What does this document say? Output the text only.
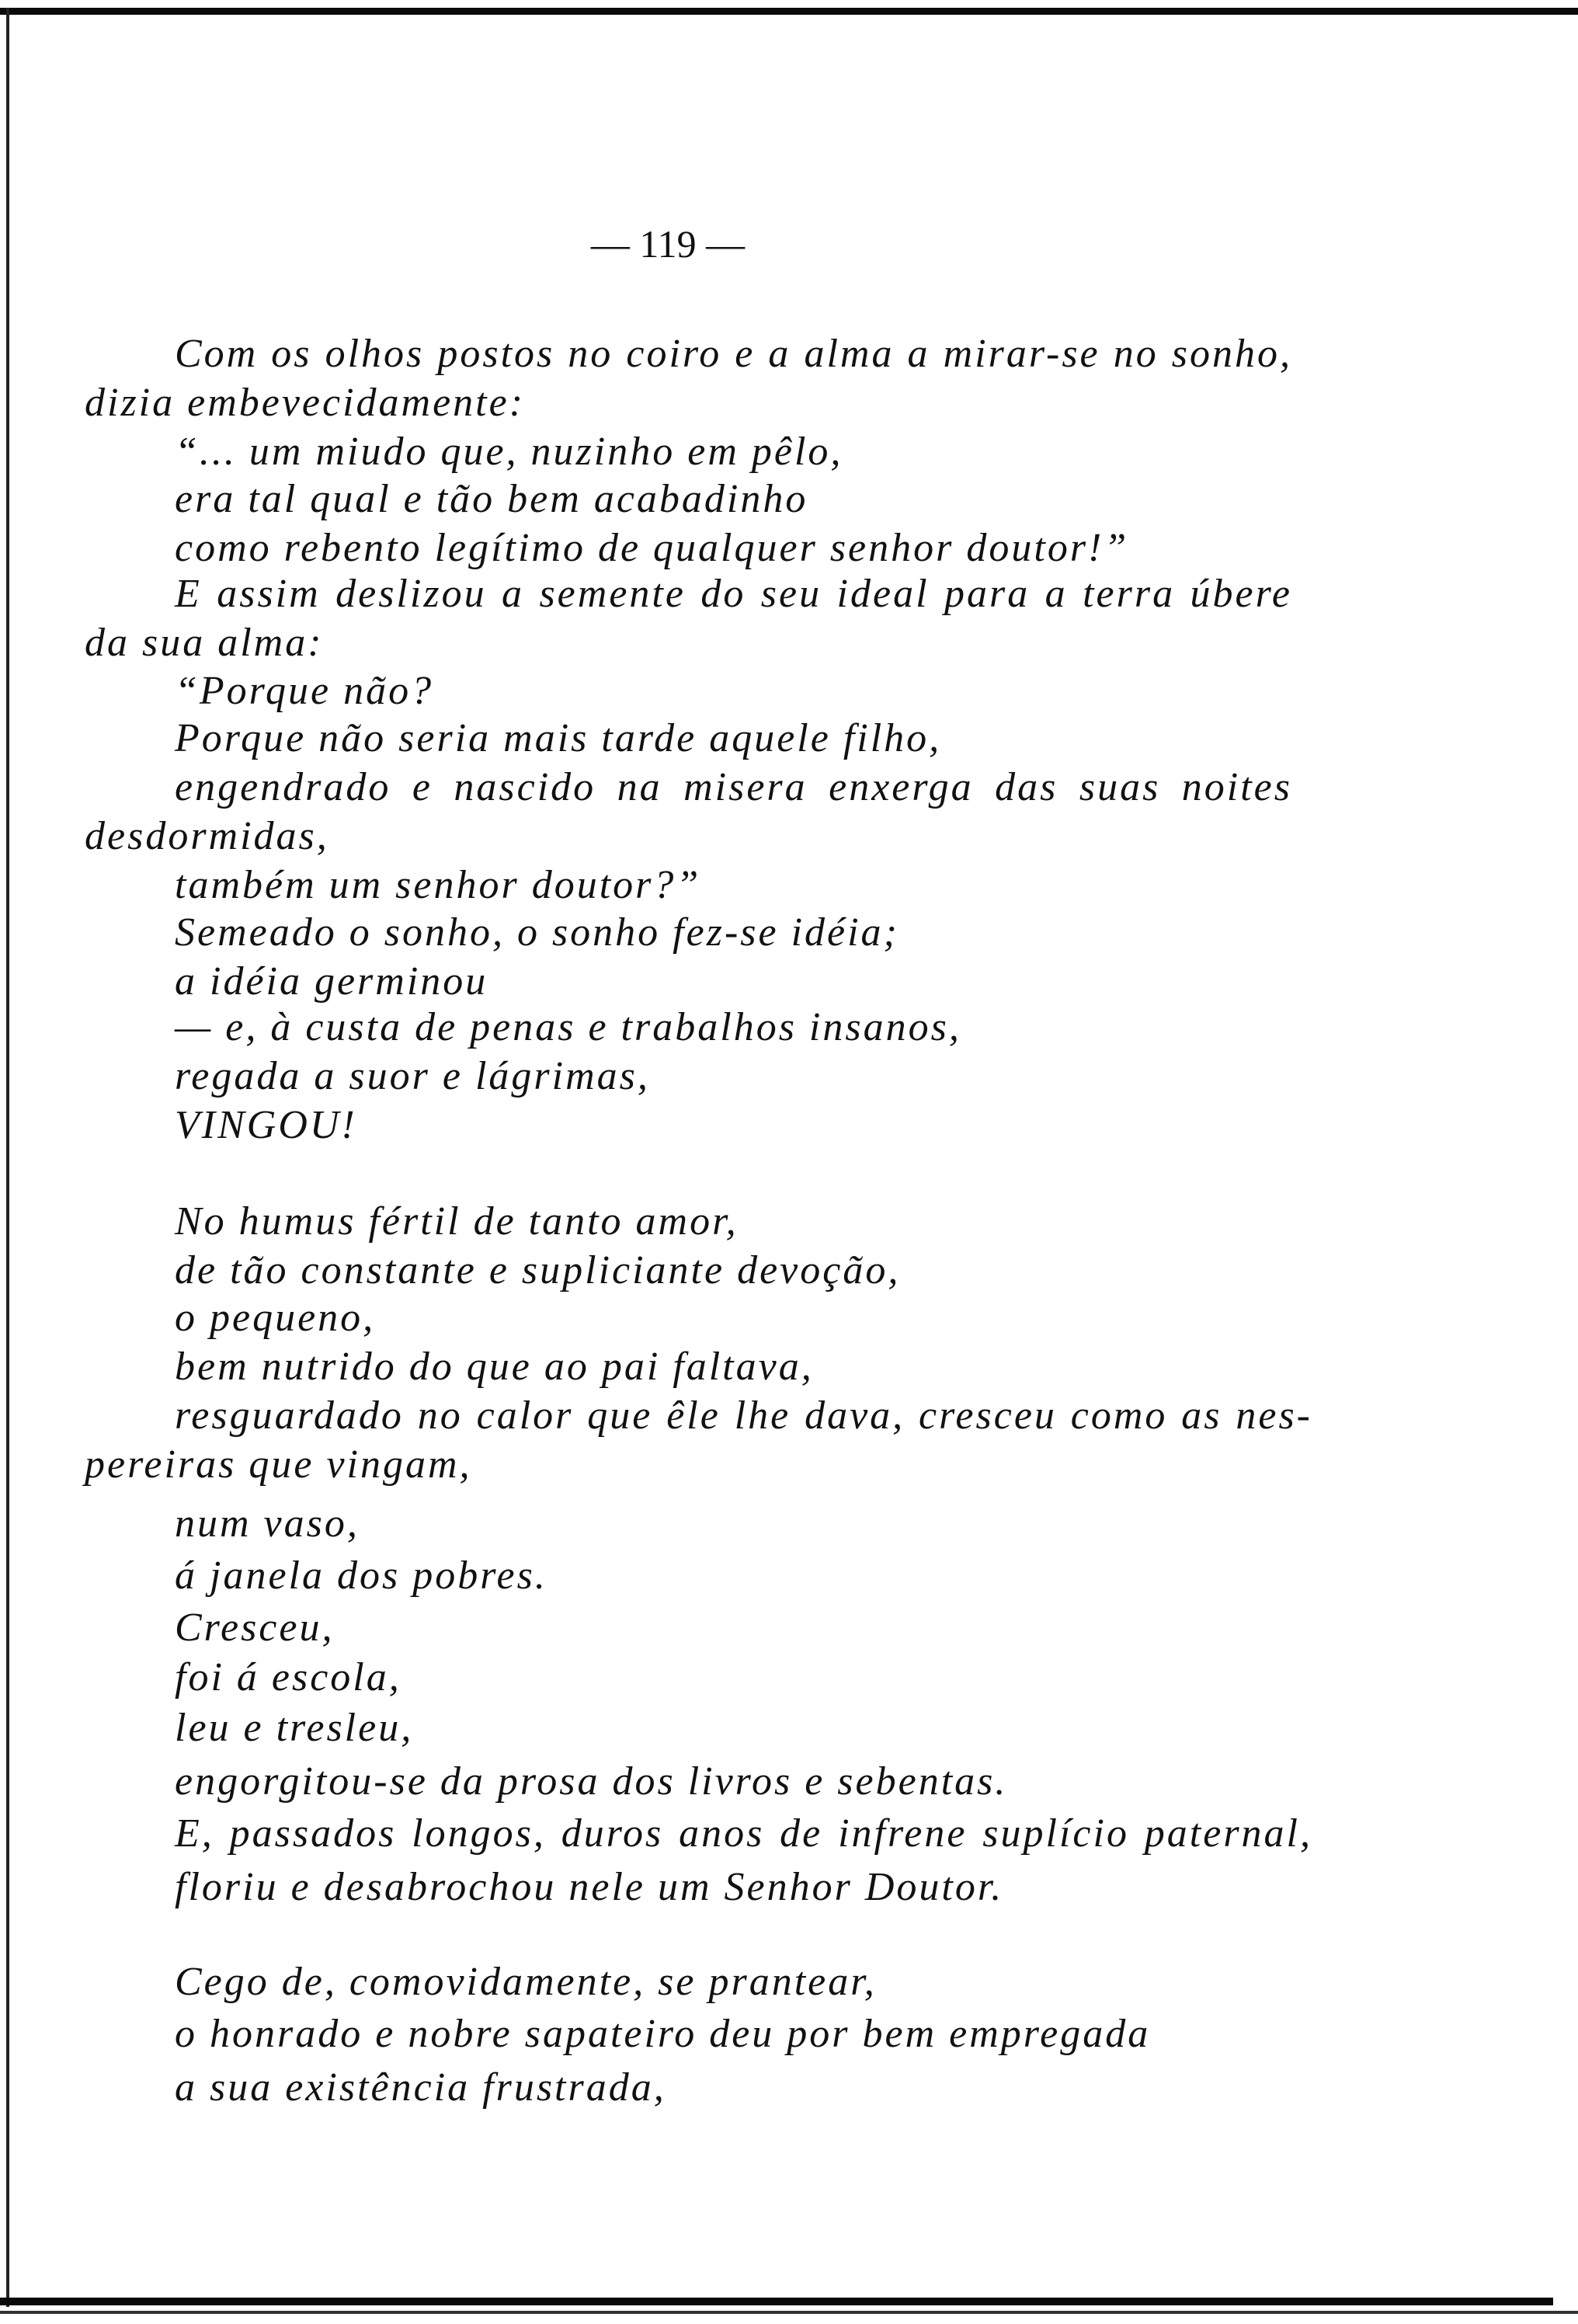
— 119 —
Com os olhos postos no coiro e a alma a mirar-se no sonho,
dizia embevecidamente:
“... um miudo que, nuzinho em pêlo,
era tal qual e tão bem acabadinho
como rebento legítimo de qualquer senhor doutor!”
E assim deslizou a semente do seu ideal para a terra úbere
da sua alma:
“Porque não?
Porque não seria mais tarde aquele filho,
engendrado e nascido na misera enxerga das suas noites
desdormidas,
também um senhor doutor?”
Semeado o sonho, o sonho fez-se idéia;
a idéia germinou
— e, à custa de penas e trabalhos insanos,
regada a suor e lágrimas,
VINGOU!
No humus fértil de tanto amor,
de tão constante e supliciante devoção,
o pequeno,
bem nutrido do que ao pai faltava,
resguardado no calor que êle lhe dava, cresceu como as nes-
pereiras que vingam,
num vaso,
á janela dos pobres.
Cresceu,
foi á escola,
leu e tresleu,
engorgitou-se da prosa dos livros e sebentas.
E, passados longos, duros anos de infrene suplício paternal,
floriu e desabrochou nele um Senhor Doutor.
Cego de, comovidamente, se prantear,
o honrado e nobre sapateiro deu por bem empregada
a sua existência frustrada,
